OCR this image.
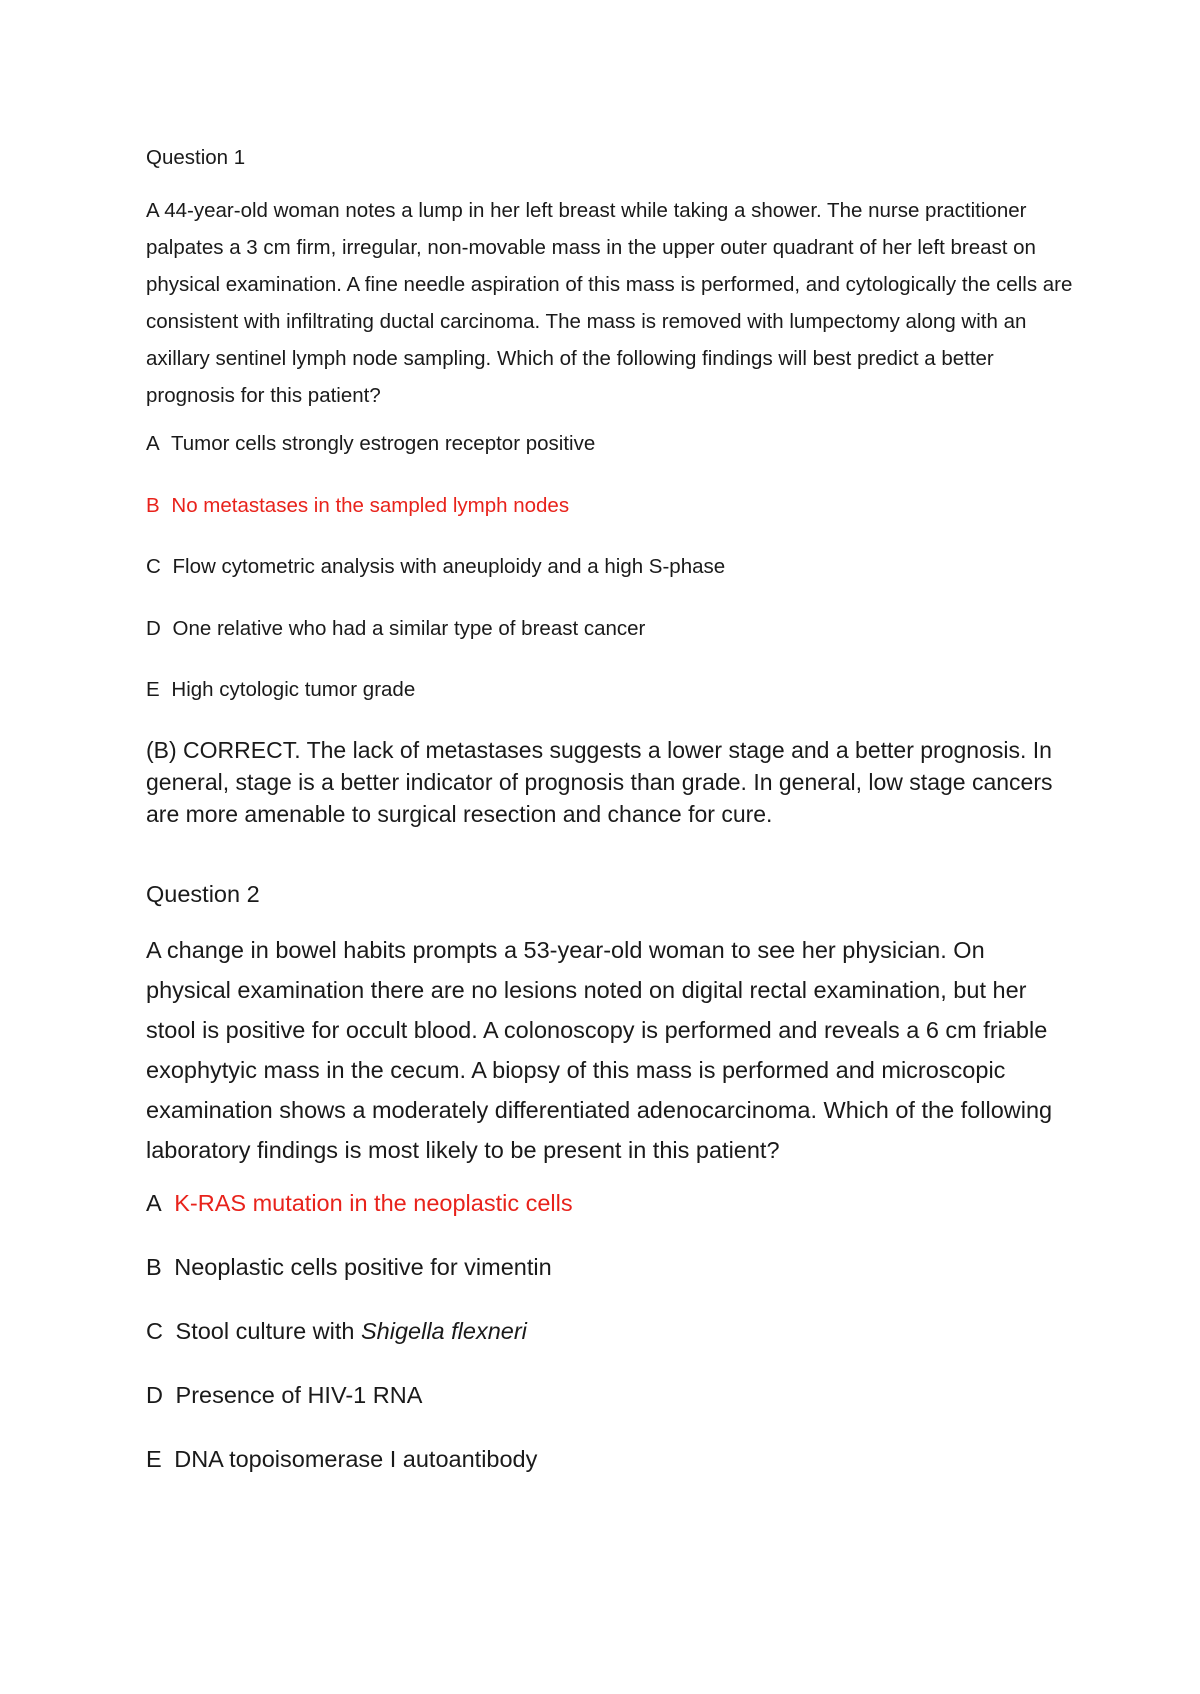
Question 1

A 44-year-old woman notes a lump in her left breast while taking a shower. The nurse practitioner palpates a 3 cm firm, irregular, non-movable mass in the upper outer quadrant of her left breast on physical examination. A fine needle aspiration of this mass is performed, and cytologically the cells are consistent with infiltrating ductal carcinoma. The mass is removed with lumpectomy along with an axillary sentinel lymph node sampling. Which of the following findings will best predict a better prognosis for this patient?

A Tumor cells strongly estrogen receptor positive
B No metastases in the sampled lymph nodes
C Flow cytometric analysis with aneuploidy and a high S-phase
D One relative who had a similar type of breast cancer
E High cytologic tumor grade

(B) CORRECT. The lack of metastases suggests a lower stage and a better prognosis. In general, stage is a better indicator of prognosis than grade. In general, low stage cancers are more amenable to surgical resection and chance for cure.

Question 2

A change in bowel habits prompts a 53-year-old woman to see her physician. On physical examination there are no lesions noted on digital rectal examination, but her stool is positive for occult blood. A colonoscopy is performed and reveals a 6 cm friable exophytyic mass in the cecum. A biopsy of this mass is performed and microscopic examination shows a moderately differentiated adenocarcinoma. Which of the following laboratory findings is most likely to be present in this patient?

A K-RAS mutation in the neoplastic cells
B Neoplastic cells positive for vimentin
C Stool culture with Shigella flexneri
D Presence of HIV-1 RNA
E DNA topoisomerase I autoantibody
